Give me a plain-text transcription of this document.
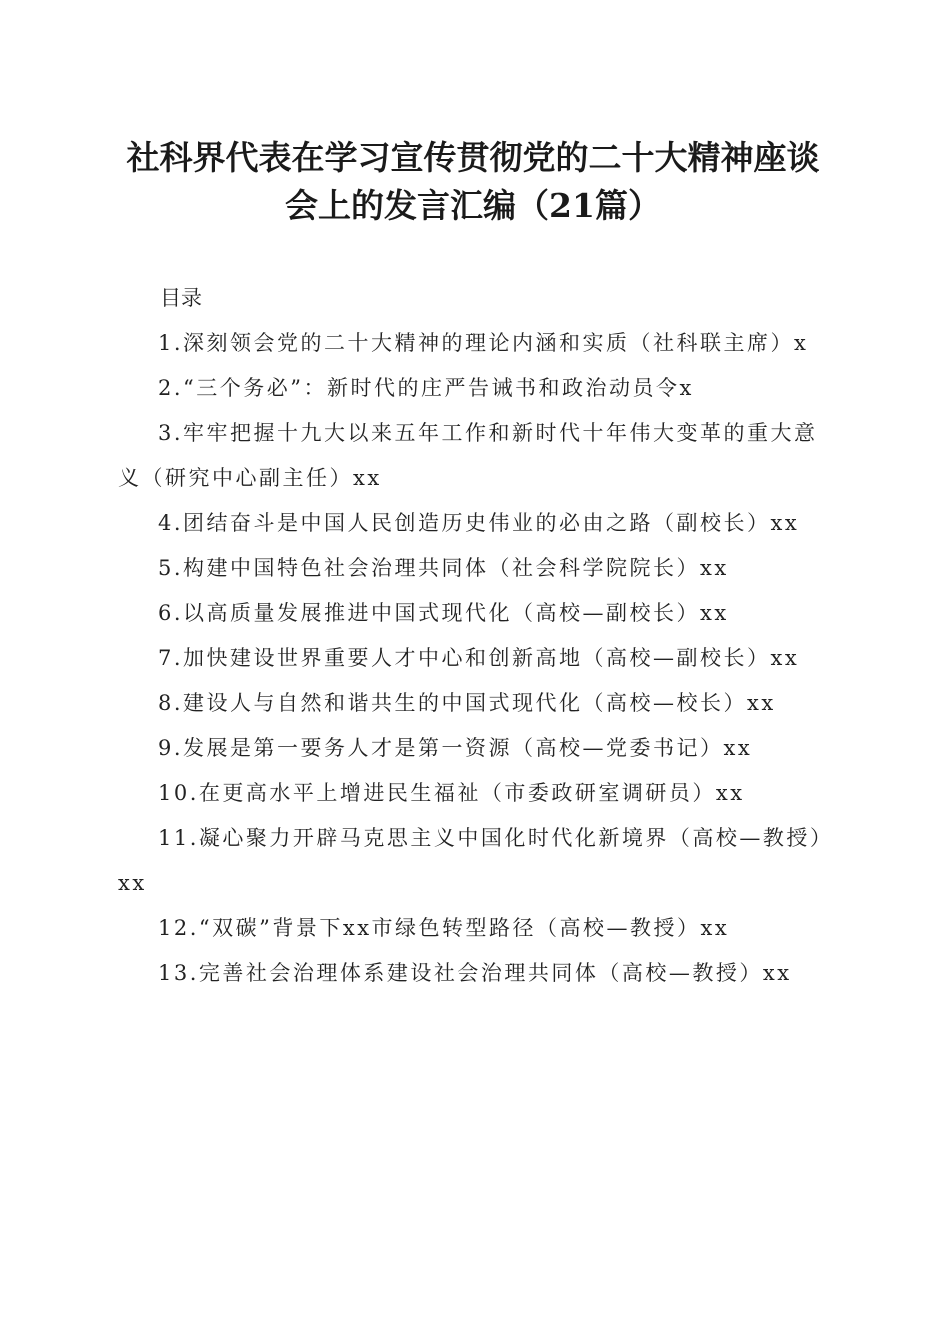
社科界代表在学习宣传贯彻党的二十大精神座谈会上的发言汇编（21篇）

目录

1.深刻领会党的二十大精神的理论内涵和实质（社科联主席）x

2.“三个务必”：新时代的庄严告诫书和政治动员令x

3.牢牢把握十九大以来五年工作和新时代十年伟大变革的重大意义（研究中心副主任）xx

4.团结奋斗是中国人民创造历史伟业的必由之路（副校长）xx

5.构建中国特色社会治理共同体（社会科学院院长）xx

6.以高质量发展推进中国式现代化（高校—副校长）xx

7.加快建设世界重要人才中心和创新高地（高校—副校长）xx

8.建设人与自然和谐共生的中国式现代化（高校—校长）xx

9.发展是第一要务人才是第一资源（高校—党委书记）xx

10.在更高水平上增进民生福祉（市委政研室调研员）xx

11.凝心聚力开辟马克思主义中国化时代化新境界（高校—教授）xx

12.“双碳”背景下xx市绿色转型路径（高校—教授）xx

13.完善社会治理体系建设社会治理共同体（高校—教授）xx
